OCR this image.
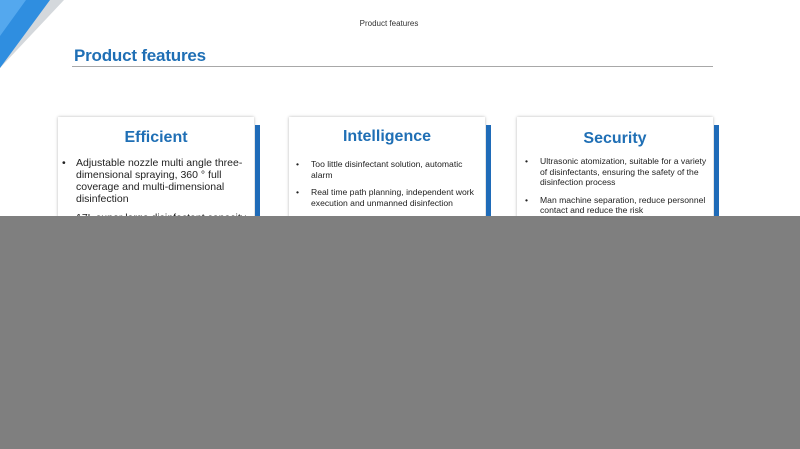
Product features
Product features
Efficient
• Adjustable nozzle multi angle three-dimensional spraying, 360 ° full coverage and multi-dimensional disinfection
Intelligence
• Too little disinfectant solution, automatic alarm
• Real time path planning, independent work execution and unmanned disinfection
Security
• Ultrasonic atomization, suitable for a variety of disinfectants, ensuring the safety of the disinfection process
• Man machine separation, reduce personnel contact and reduce the risk
